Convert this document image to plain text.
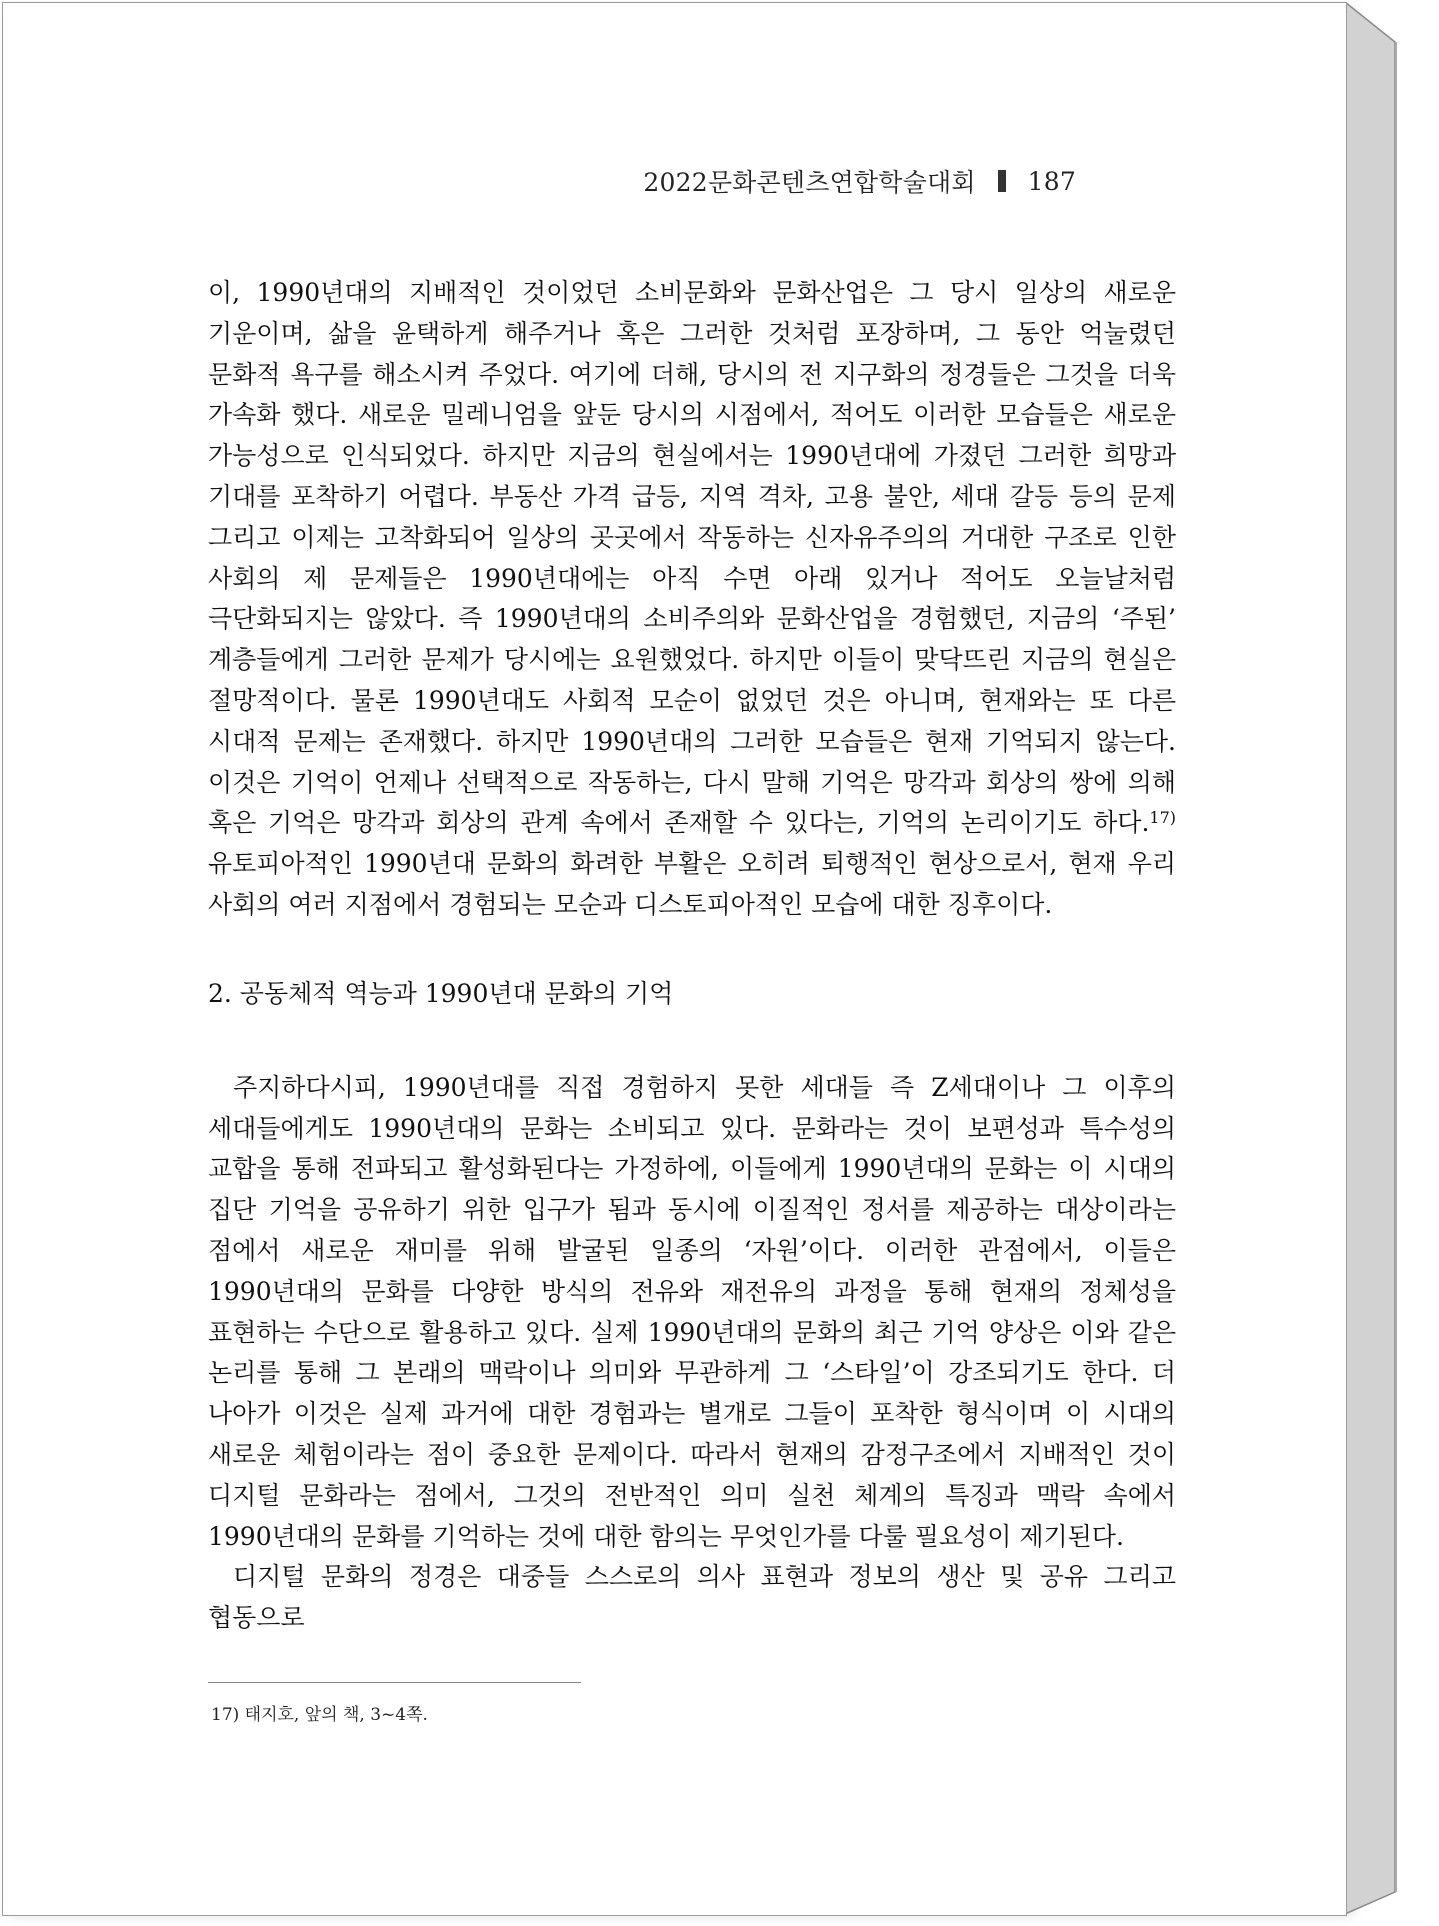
2022문화콘텐츠연합학술대회 187

이, 1990년대의 지배적인 것이었던 소비문화와 문화산업은 그 당시 일상의 새로운 기운이며, 삶을 윤택하게 해주거나 혹은 그러한 것처럼 포장하며, 그 동안 억눌렸던 문화적 욕구를 해소시켜 주었다. 여기에 더해, 당시의 전 지구화의 정경들은 그것을 더욱 가속화 했다. 새로운 밀레니엄을 앞둔 당시의 시점에서, 적어도 이러한 모습들은 새로운 가능성으로 인식되었다. 하지만 지금의 현실에서는 1990년대에 가졌던 그러한 희망과 기대를 포착하기 어렵다. 부동산 가격 급등, 지역 격차, 고용 불안, 세대 갈등 등의 문제 그리고 이제는 고착화되어 일상의 곳곳에서 작동하는 신자유주의의 거대한 구조로 인한 사회의 제 문제들은 1990년대에는 아직 수면 아래 있거나 적어도 오늘날처럼 극단화되지는 않았다. 즉 1990년대의 소비주의와 문화산업을 경험했던, 지금의 ‘주된’ 계층들에게 그러한 문제가 당시에는 요원했었다. 하지만 이들이 맞닥뜨린 지금의 현실은 절망적이다. 물론 1990년대도 사회적 모순이 없었던 것은 아니며, 현재와는 또 다른 시대적 문제는 존재했다. 하지만 1990년대의 그러한 모습들은 현재 기억되지 않는다. 이것은 기억이 언제나 선택적으로 작동하는, 다시 말해 기억은 망각과 회상의 쌍에 의해 혹은 기억은 망각과 회상의 관계 속에서 존재할 수 있다는, 기억의 논리이기도 하다.$^{17)}$ 유토피아적인 1990년대 문화의 화려한 부활은 오히려 퇴행적인 현상으로서, 현재 우리 사회의 여러 지점에서 경험되는 모순과 디스토피아적인 모습에 대한 징후이다.

2. 공동체적 역능과 1990년대 문화의 기억

주지하다시피, 1990년대를 직접 경험하지 못한 세대들 즉 Z세대이나 그 이후의 세대들에게도 1990년대의 문화는 소비되고 있다. 문화라는 것이 보편성과 특수성의 교합을 통해 전파되고 활성화된다는 가정하에, 이들에게 1990년대의 문화는 이 시대의 집단 기억을 공유하기 위한 입구가 됨과 동시에 이질적인 정서를 제공하는 대상이라는 점에서 새로운 재미를 위해 발굴된 일종의 ‘자원’이다. 이러한 관점에서, 이들은 1990년대의 문화를 다양한 방식의 전유와 재전유의 과정을 통해 현재의 정체성을 표현하는 수단으로 활용하고 있다. 실제 1990년대의 문화의 최근 기억 양상은 이와 같은 논리를 통해 그 본래의 맥락이나 의미와 무관하게 그 ‘스타일’이 강조되기도 한다. 더 나아가 이것은 실제 과거에 대한 경험과는 별개로 그들이 포착한 형식이며 이 시대의 새로운 체험이라는 점이 중요한 문제이다. 따라서 현재의 감정구조에서 지배적인 것이 디지털 문화라는 점에서, 그것의 전반적인 의미 실천 체계의 특징과 맥락 속에서 1990년대의 문화를 기억하는 것에 대한 함의는 무엇인가를 다룰 필요성이 제기된다.

디지털 문화의 정경은 대중들 스스로의 의사 표현과 정보의 생산 및 공유 그리고 협동으로

17) 태지호, 앞의 책, 3~4쪽.
